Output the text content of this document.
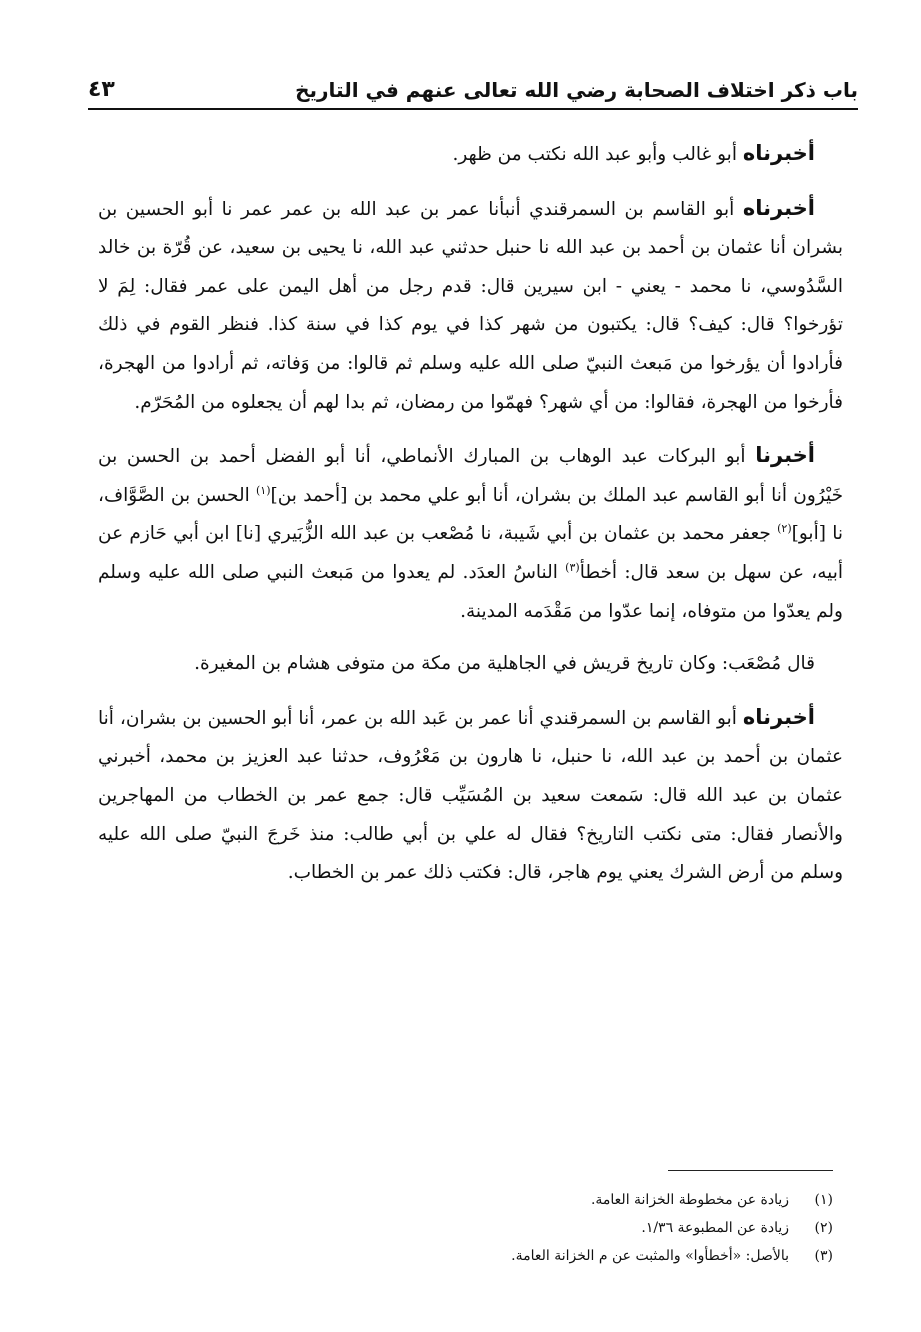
باب ذكر اختلاف الصحابة رضي الله تعالى عنهم في التاريخ
٤٣

أخبرناه أبو غالب وأبو عبد الله نكتب من ظهر.

أخبرناه أبو القاسم بن السمرقندي أنبأنا عمر بن عبد الله بن عمر عمر نا أبو الحسين بن بشران أنا عثمان بن أحمد بن عبد الله نا حنبل حدثني عبد الله، نا يحيى بن سعيد، عن قُرّة بن خالد السَّدُوسي، نا محمد - يعني - ابن سيرين قال: قدم رجل من أهل اليمن على عمر فقال: لِمَ لا تؤرخوا؟ قال: كيف؟ قال: يكتبون من شهر كذا في يوم كذا في سنة كذا. فنظر القوم في ذلك فأرادوا أن يؤرخوا من مَبعث النبيّ صلى الله عليه وسلم ثم قالوا: من وَفاته، ثم أرادوا من الهجرة، فأرخوا من الهجرة، فقالوا: من أي شهر؟ فهمّوا من رمضان، ثم بدا لهم أن يجعلوه من المُحَرّم.

أخبرنا أبو البركات عبد الوهاب بن المبارك الأنماطي، أنا أبو الفضل أحمد بن الحسن بن خَيْرُون أنا أبو القاسم عبد الملك بن بشران، أنا أبو علي محمد بن [أحمد بن]$^{(١)}$ الحسن بن الصَّوَّاف، نا [أبو]$^{(٢)}$ جعفر محمد بن عثمان بن أبي شَيبة، نا مُصْعب بن عبد الله الزُّبَيري [نا] ابن أبي حَازم عن أبيه، عن سهل بن سعد قال: أخطأ$^{(٣)}$ الناسُ العدَد. لم يعدوا من مَبعث النبي صلى الله عليه وسلم ولم يعدّوا من متوفاه، إنما عدّوا من مَقْدَمه المدينة.

قال مُصْعَب: وكان تاريخ قريش في الجاهلية من مكة من متوفى هشام بن المغيرة.

أخبرناه أبو القاسم بن السمرقندي أنا عمر بن عَبد الله بن عمر، أنا أبو الحسين بن بشران، أنا عثمان بن أحمد بن عبد الله، نا حنبل، نا هارون بن مَعْرُوف، حدثنا عبد العزيز بن محمد، أخبرني عثمان بن عبد الله قال: سَمعت سعيد بن المُسَيِّب قال: جمع عمر بن الخطاب من المهاجرين والأنصار فقال: متى نكتب التاريخ؟ فقال له علي بن أبي طالب: منذ خَرجَ النبيّ صلى الله عليه وسلم من أرض الشرك يعني يوم هاجر، قال: فكتب ذلك عمر بن الخطاب.

(١)
زيادة عن مخطوطة الخزانة العامة.
(٢)
زيادة عن المطبوعة ١/٣٦.
(٣)
بالأصل: «أخطأوا» والمثبت عن م الخزانة العامة.
